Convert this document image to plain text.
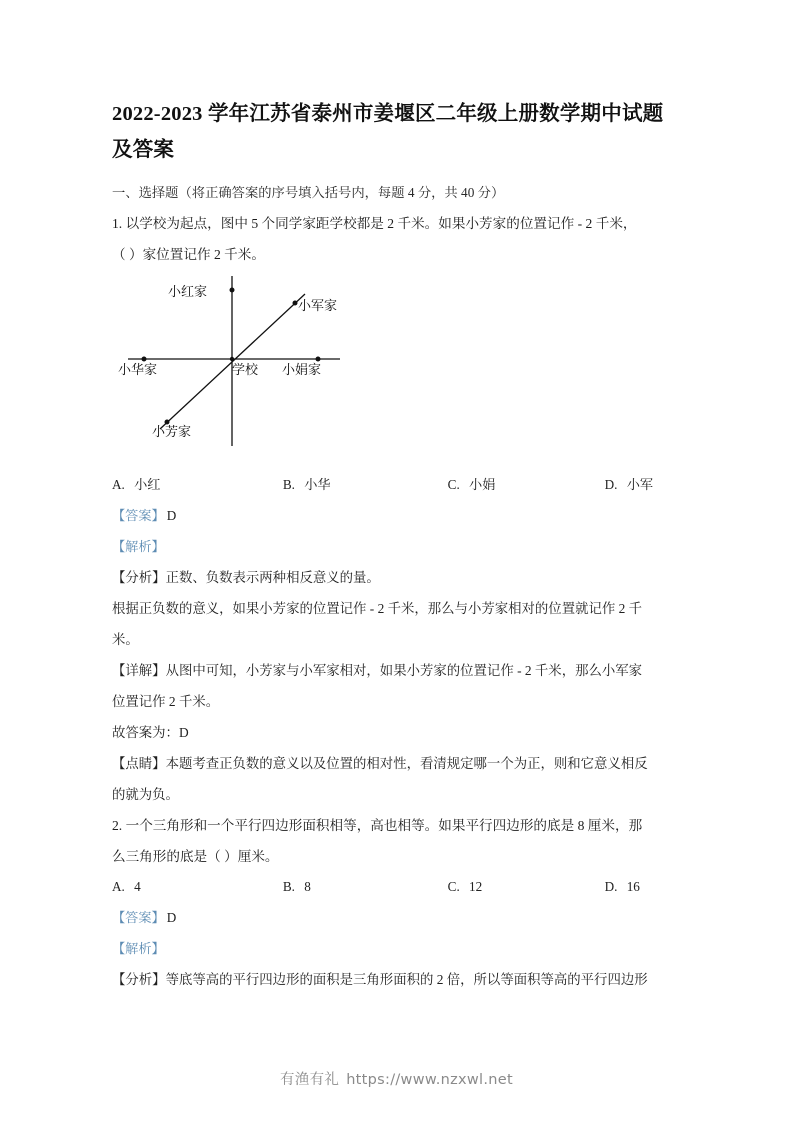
2022-2023 学年江苏省泰州市姜堰区二年级上册数学期中试题及答案

一、选择题（将正确答案的序号填入括号内，每题 4 分，共 40 分）

1. 以学校为起点，图中 5 个同学家距学校都是 2 千米。如果小芳家的位置记作 - 2 千米，

（ ）家位置记作 2 千米。

小红家
小军家
小华家	学校 小娟家
小芳家
A. 小红	B. 小华	C. 小娟	D. 小军

【答案】 D

【解析】

【分析】正数、负数表示两种相反意义的量。

根据正负数的意义，如果小芳家的位置记作 - 2 千米，那么与小芳家相对的位置就记作 2 千

米。

【详解】从图中可知，小芳家与小军家相对，如果小芳家的位置记作 - 2 千米，那么小军家

位置记作 2 千米。

故答案为：D

【点睛】本题考查正负数的意义以及位置的相对性，看清规定哪一个为正，则和它意义相反

的就为负。

2. 一个三角形和一个平行四边形面积相等，高也相等。如果平行四边形的底是 8 厘米，那

么三角形的底是（ ）厘米。

A. 4	B. 8	C. 12	D. 16

【答案】 D

【解析】

【分析】等底等高的平行四边形的面积是三角形面积的 2 倍，所以等面积等高的平行四边形

有渔有礼 https://www.nzxwl.net
